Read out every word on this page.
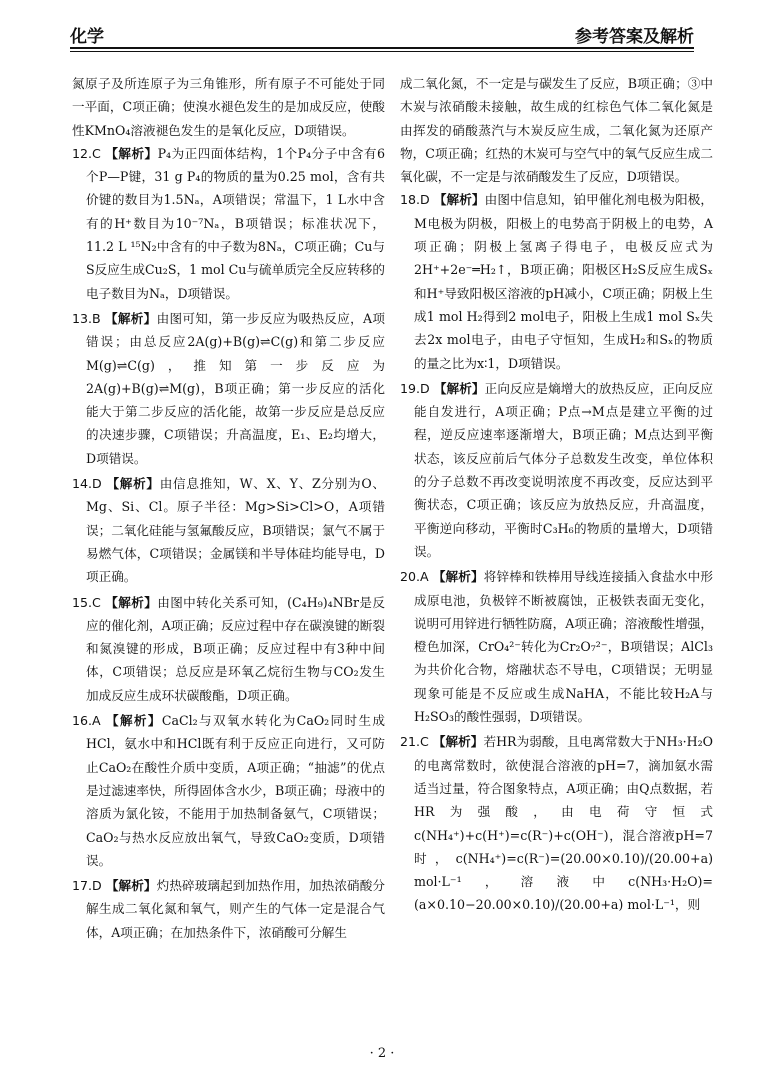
化学	参考答案及解析

氮原子及所连原子为三角锥形，所有原子不可能处于同一平面，C项正确；使溴水褪色发生的是加成反应，使酸性KMnO₄溶液褪色发生的是氧化反应，D项错误。

12.C 【解析】P₄为正四面体结构，1个P₄分子中含有6个P—P键，31 g P₄的物质的量为0.25 mol，含有共价键的数目为1.5Nₐ，A项错误；常温下，1 L水中含有的H⁺数目为10⁻⁷Nₐ，B项错误；标准状况下，11.2 L ¹⁵N₂中含有的中子数为8Nₐ，C项正确；Cu与S反应生成Cu₂S，1 mol Cu与硫单质完全反应转移的电子数目为Nₐ，D项错误。

13.B 【解析】由图可知，第一步反应为吸热反应，A项错误；由总反应2A(g)+B(g)⇌C(g)和第二步反应M(g)⇌C(g)，推知第一步反应为2A(g)+B(g)⇌M(g)，B项正确；第一步反应的活化能大于第二步反应的活化能，故第一步反应是总反应的决速步骤，C项错误；升高温度，E₁、E₂均增大，D项错误。

14.D 【解析】由信息推知，W、X、Y、Z分别为O、Mg、Si、Cl。原子半径：Mg>Si>Cl>O，A项错误；二氧化硅能与氢氟酸反应，B项错误；氯气不属于易燃气体，C项错误；金属镁和半导体硅均能导电，D项正确。

15.C 【解析】由图中转化关系可知，(C₄H₉)₄NBr是反应的催化剂，A项正确；反应过程中存在碳溴键的断裂和氮溴键的形成，B项正确；反应过程中有3种中间体，C项错误；总反应是环氧乙烷衍生物与CO₂发生加成反应生成环状碳酸酯，D项正确。

16.A 【解析】CaCl₂与双氧水转化为CaO₂同时生成HCl，氨水中和HCl既有利于反应正向进行，又可防止CaO₂在酸性介质中变质，A项正确；“抽滤”的优点是过滤速率快，所得固体含水少，B项正确；母液中的溶质为氯化铵，不能用于加热制备氨气，C项错误；CaO₂与热水反应放出氧气，导致CaO₂变质，D项错误。

17.D 【解析】灼热碎玻璃起到加热作用，加热浓硝酸分解生成二氧化氮和氧气，则产生的气体一定是混合气体，A项正确；在加热条件下，浓硝酸可分解生

成二氧化氮，不一定是与碳发生了反应，B项正确；③中木炭与浓硝酸未接触，故生成的红棕色气体二氧化氮是由挥发的硝酸蒸汽与木炭反应生成，二氧化氮为还原产物，C项正确；红热的木炭可与空气中的氧气反应生成二氧化碳，不一定是与浓硝酸发生了反应，D项错误。

18.D 【解析】由图中信息知，铂甲催化剂电极为阳极，M电极为阴极，阳极上的电势高于阴极上的电势，A项正确；阴极上氢离子得电子，电极反应式为2H⁺+2e⁻═H₂↑，B项正确；阳极区H₂S反应生成Sₓ和H⁺导致阳极区溶液的pH减小，C项正确；阴极上生成1 mol H₂得到2 mol电子，阳极上生成1 mol Sₓ失去2x mol电子，由电子守恒知，生成H₂和Sₓ的物质的量之比为x∶1，D项错误。

19.D 【解析】正向反应是熵增大的放热反应，正向反应能自发进行，A项正确；P点→M点是建立平衡的过程，逆反应速率逐渐增大，B项正确；M点达到平衡状态，该反应前后气体分子总数发生改变，单位体积的分子总数不再改变说明浓度不再改变，反应达到平衡状态，C项正确；该反应为放热反应，升高温度，平衡逆向移动，平衡时C₃H₆的物质的量增大，D项错误。

20.A 【解析】将锌棒和铁棒用导线连接插入食盐水中形成原电池，负极锌不断被腐蚀，正极铁表面无变化，说明可用锌进行牺牲防腐，A项正确；溶液酸性增强，橙色加深，CrO₄²⁻转化为Cr₂O₇²⁻，B项错误；AlCl₃为共价化合物，熔融状态不导电，C项错误；无明显现象可能是不反应或生成NaHA，不能比较H₂A与H₂SO₃的酸性强弱，D项错误。

21.C 【解析】若HR为弱酸，且电离常数大于NH₃·H₂O的电离常数时，欲使混合溶液的pH=7，滴加氨水需适当过量，符合图象特点，A项正确；由Q点数据，若HR为强酸，由电荷守恒式c(NH₄⁺)+c(H⁺)=c(R⁻)+c(OH⁻)，混合溶液pH=7时，c(NH₄⁺)=c(R⁻)=(20.00×0.10)/(20.00+a) mol·L⁻¹，溶液中c(NH₃·H₂O)=(a×0.10−20.00×0.10)/(20.00+a) mol·L⁻¹，则

· 2 ·
